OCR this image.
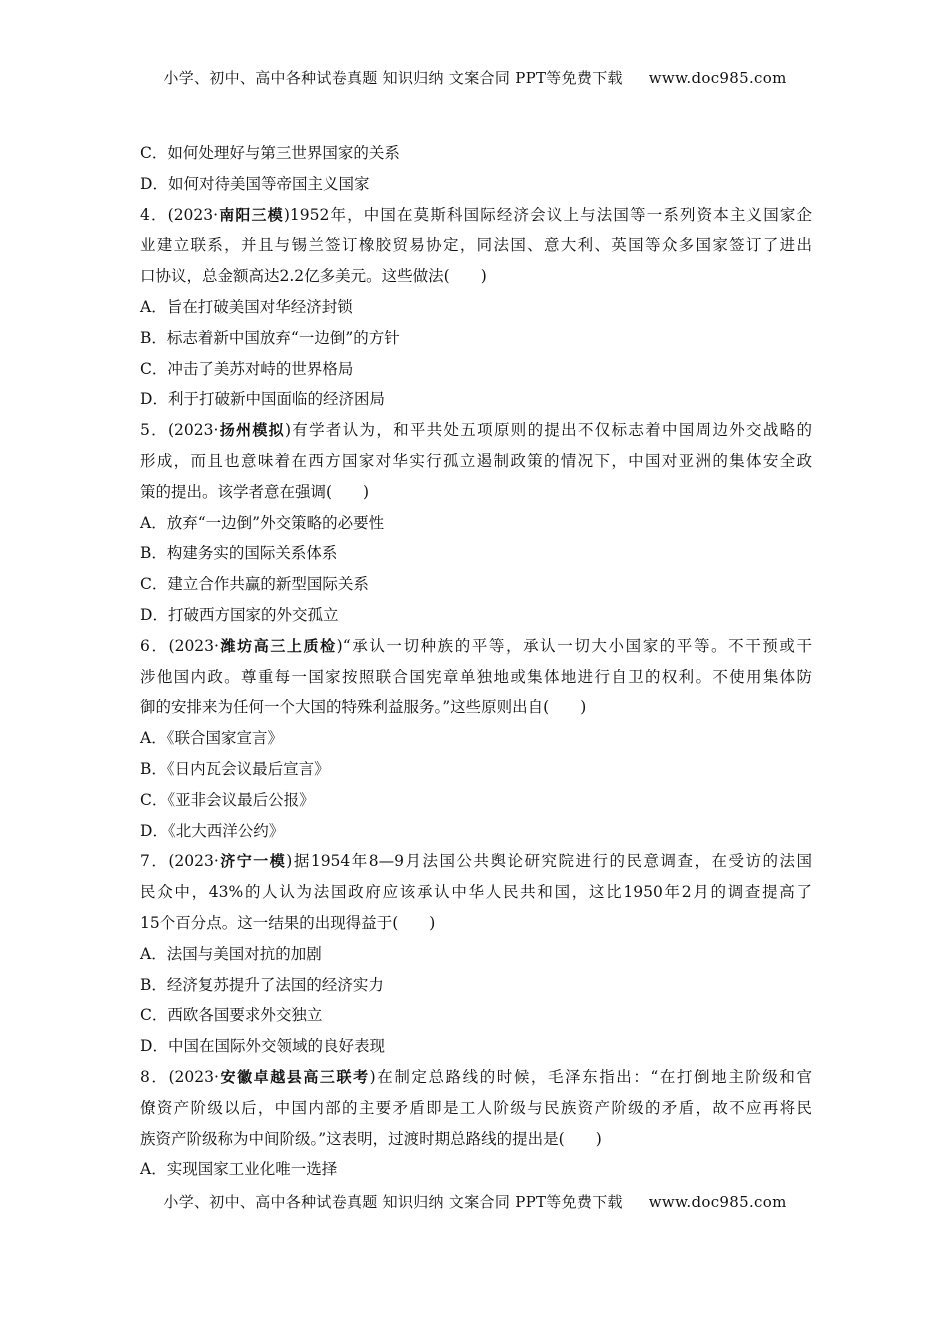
小学、初中、高中各种试卷真题 知识归纳 文案合同 PPT等免费下载 www.doc985.com
C．如何处理好与第三世界国家的关系
D．如何对待美国等帝国主义国家
4．(2023·南阳三模)1952年，中国在莫斯科国际经济会议上与法国等一系列资本主义国家企
业建立联系，并且与锡兰签订橡胶贸易协定，同法国、意大利、英国等众多国家签订了进出
口协议，总金额高达2.2亿多美元。这些做法(　　)
A．旨在打破美国对华经济封锁
B．标志着新中国放弃“一边倒”的方针
C．冲击了美苏对峙的世界格局
D．利于打破新中国面临的经济困局
5．(2023·扬州模拟)有学者认为，和平共处五项原则的提出不仅标志着中国周边外交战略的
形成，而且也意味着在西方国家对华实行孤立遏制政策的情况下，中国对亚洲的集体安全政
策的提出。该学者意在强调(　　)
A．放弃“一边倒”外交策略的必要性
B．构建务实的国际关系体系
C．建立合作共赢的新型国际关系
D．打破西方国家的外交孤立
6．(2023·潍坊高三上质检)“承认一切种族的平等，承认一切大小国家的平等。不干预或干
涉他国内政。尊重每一国家按照联合国宪章单独地或集体地进行自卫的权利。不使用集体防
御的安排来为任何一个大国的特殊利益服务。”这些原则出自(　　)
A．《联合国家宣言》
B．《日内瓦会议最后宣言》
C．《亚非会议最后公报》
D．《北大西洋公约》
7．(2023·济宁一模)据1954年8—9月法国公共舆论研究院进行的民意调查，在受访的法国
民众中，43%的人认为法国政府应该承认中华人民共和国，这比1950年2月的调查提高了
15个百分点。这一结果的出现得益于(　　)
A．法国与美国对抗的加剧
B．经济复苏提升了法国的经济实力
C．西欧各国要求外交独立
D．中国在国际外交领域的良好表现
8．(2023·安徽卓越县高三联考)在制定总路线的时候，毛泽东指出：“在打倒地主阶级和官
僚资产阶级以后，中国内部的主要矛盾即是工人阶级与民族资产阶级的矛盾，故不应再将民
族资产阶级称为中间阶级。”这表明，过渡时期总路线的提出是(　　)
A．实现国家工业化唯一选择
小学、初中、高中各种试卷真题 知识归纳 文案合同 PPT等免费下载 www.doc985.com
